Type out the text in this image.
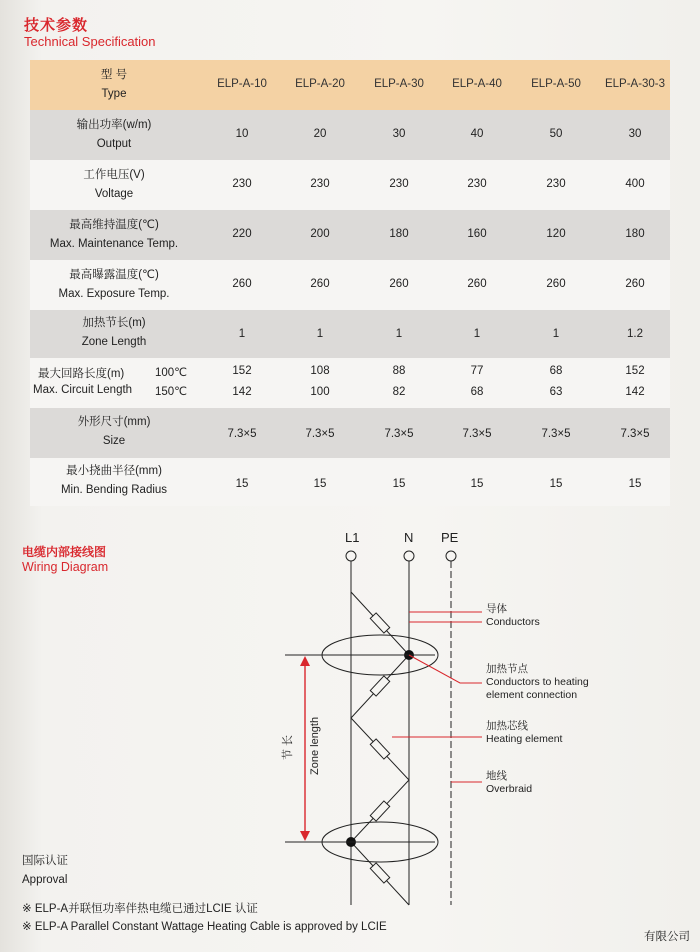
技术参数
Technical Specification
型 号
Type
ELP-A-10	ELP-A-20	ELP-A-30	ELP-A-40	ELP-A-50	ELP-A-30-3
输出功率(w/m)
Output
10	20	30	40	50	30
工作电压(V)
Voltage
230	230	230	230	230	400
最高维持温度(℃)
Max. Maintenance Temp.
220	200	180	160	120	180
最高曝露温度(℃)
Max. Exposure Temp.
260	260	260	260	260	260
加热节长(m)
Zone Length
1	1	1	1	1	1.2
最大回路长度(m)
Max. Circuit Length
100℃
150℃
152	108	88	77	68	152
142	100	82	68	63	142
外形尺寸(mm)
Size
7.3×5	7.3×5	7.3×5	7.3×5	7.3×5	7.3×5
最小挠曲半径(mm)
Min. Bending Radius	15	15	15	15	15	15
电缆内部接线图
Wiring Diagram
L1	N PE
节 长 Zone length
导体
Conductors
加热节点
Conductors to heating
element connection
加热芯线
Heating element
地线
Overbraid
国际认证
Approval
※ ELP-A并联恒功率伴热电缆已通过LCIE 认证
※ ELP-A Parallel Constant Wattage Heating Cable is approved by LCIE
有限公司
